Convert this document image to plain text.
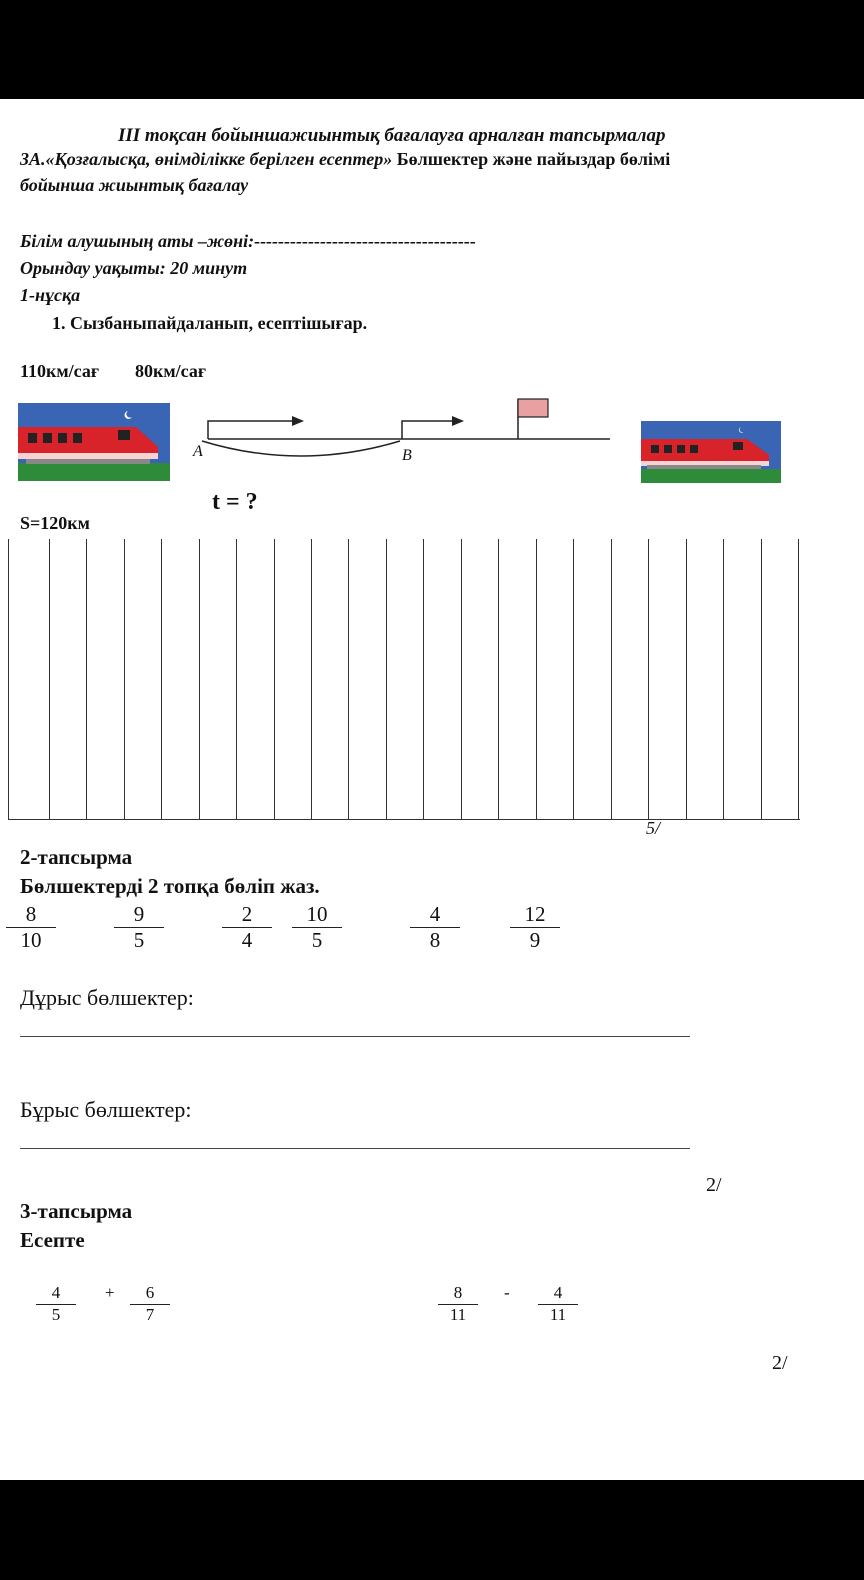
ІІІ тоқсан бойыншажиынтық бағалауға арналған тапсырмалар
3А.«Қозғалысқа, өнімділікке берілген есептер» Бөлшектер және пайыздар бөлімі
бойынша жиынтық бағалау
Білім алушының аты –жөні:-------------------------------------
Орындау уақыты: 20 минут
1-нұсқа
1. Сызбаныпайдаланып, есептішығар.
110км/сағ 80км/сағ
A	B
t = ?
S=120км
5/
2-тапсырма
Бөлшектерді 2 топқа бөліп жаз.
$\frac{8}{10}$	$\frac{9}{5}$	$\frac{2}{4} \frac{10}{5}$	$\frac{4}{8} \frac{12}{9}$
Дұрыс бөлшектер:
Бұрыс бөлшектер:
2/
3-тапсырма
Есепте
$\frac{4}{5} + \frac{6}{7}$	$\frac{8}{11} - \frac{4}{11}$
2/
